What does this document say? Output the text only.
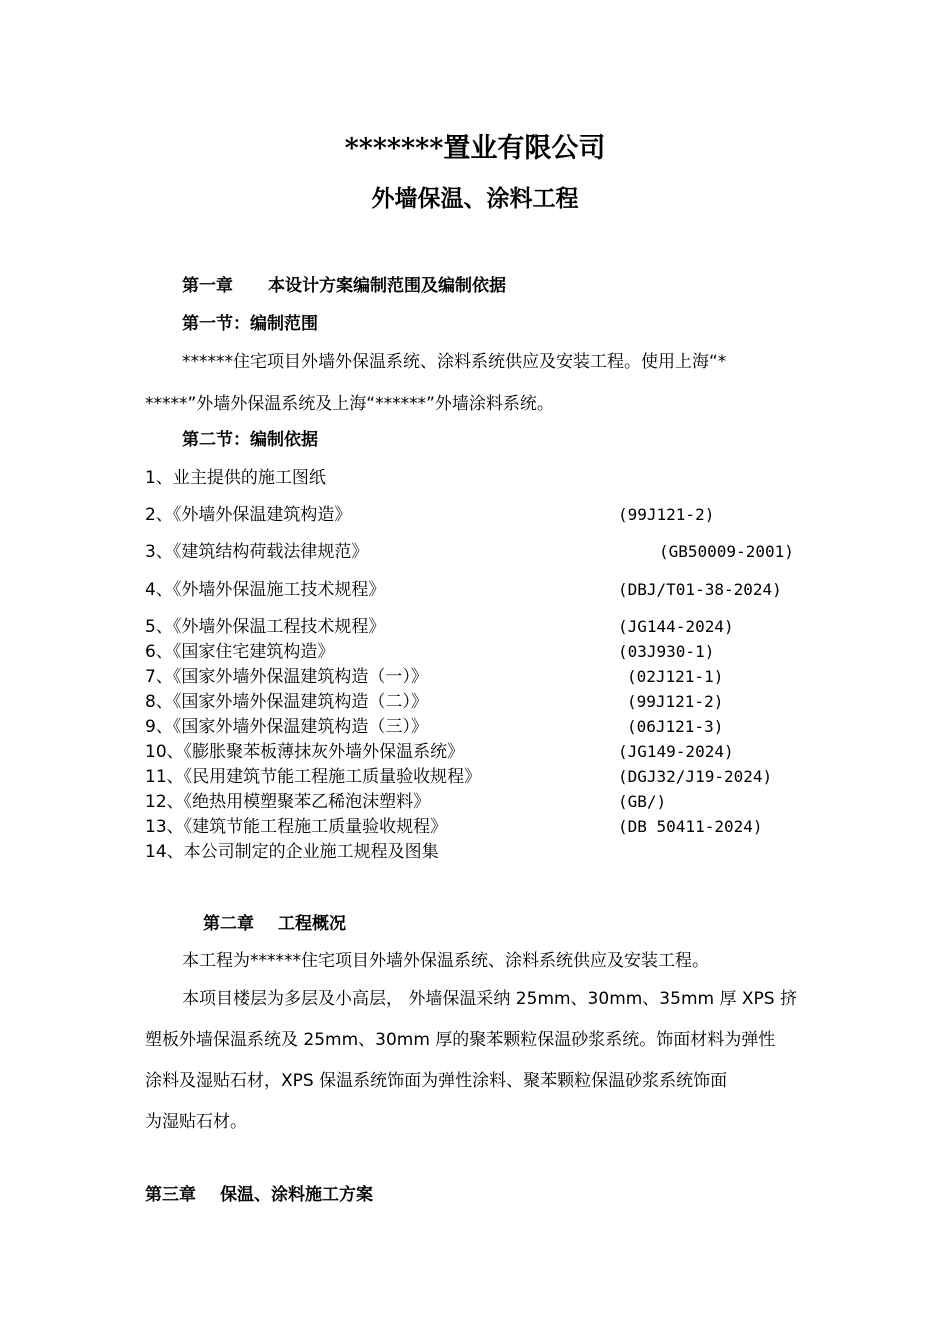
*******置业有限公司
外墙保温、涂料工程
第一章 本设计方案编制范围及编制依据
第一节：编制范围
******住宅项目外墙外保温系统、涂料系统供应及安装工程。使用上海“*
*****”外墙外保温系统及上海“******”外墙涂料系统。
第二节：编制依据
1、业主提供的施工图纸
2、《外墙外保温建筑构造》	(99J121-2)
3、《建筑结构荷载法律规范》	(GB50009-2001)
4、《外墙外保温施工技术规程》	(DBJ/T01-38-2024)
5、《外墙外保温工程技术规程》	(JG144-2024)
6、《国家住宅建筑构造》	(03J930-1)
7、《国家外墙外保温建筑构造（一）》	(02J121-1)
8、《国家外墙外保温建筑构造（二）》	(99J121-2)
9、《国家外墙外保温建筑构造（三）》	(06J121-3)
10、《膨胀聚苯板薄抹灰外墙外保温系统》	(JG149-2024)
11、《民用建筑节能工程施工质量验收规程》	(DGJ32/J19-2024)
12、《绝热用模塑聚苯乙稀泡沫塑料》	(GB/)
13、《建筑节能工程施工质量验收规程》	(DB 50411-2024)
14、本公司制定的企业施工规程及图集
第二章 工程概况
本工程为******住宅项目外墙外保温系统、涂料系统供应及安装工程。
本项目楼层为多层及小高层， 外墙保温采纳 25mm、30mm、35mm 厚 XPS 挤
塑板外墙保温系统及 25mm、30mm 厚的聚苯颗粒保温砂浆系统。饰面材料为弹性
涂料及湿贴石材，XPS 保温系统饰面为弹性涂料、聚苯颗粒保温砂浆系统饰面
为湿贴石材。
第三章 保温、涂料施工方案
